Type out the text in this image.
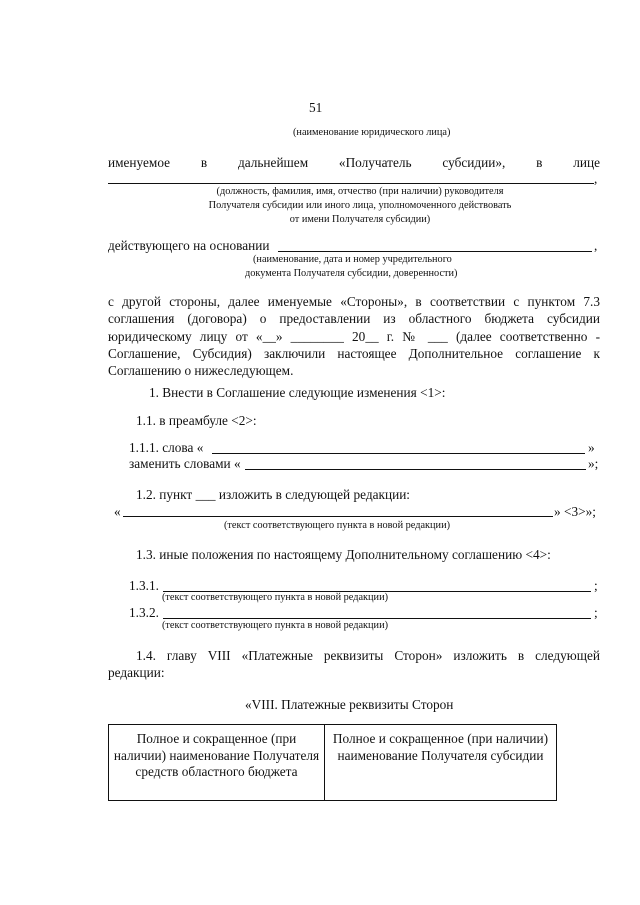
51
(наименование юридического лица)
именуемое в дальнейшем «Получатель субсидии», в лице
,
(должность, фамилия, имя, отчество (при наличии) руководителя
Получателя субсидии или иного лица, уполномоченного действовать
от имени Получателя субсидии)
действующего на основании	,
(наименование, дата и номер учредительного
документа Получателя субсидии, доверенности)
с другой стороны, далее именуемые «Стороны», в соответствии с пунктом 7.3
соглашения (договора) о предоставлении из областного бюджета субсидии
юридическому лицу от «__» ________ 20__ г. № ___ (далее соответственно -
Соглашение, Субсидия) заключили настоящее Дополнительное соглашение к
Соглашению о нижеследующем.
1. Внести в Соглашение следующие изменения <1>:
1.1. в преамбуле <2>:
1.1.1. слова «	»
заменить словами «	»;
1.2. пункт ___ изложить в следующей редакции:
«	» <3>»;
(текст соответствующего пункта в новой редакции)
1.3. иные положения по настоящему Дополнительному соглашению <4>:
1.3.1.	;
(текст соответствующего пункта в новой редакции)
1.3.2.	;
(текст соответствующего пункта в новой редакции)
1.4. главу VIII «Платежные реквизиты Сторон» изложить в следующей
редакции:
«VIII. Платежные реквизиты Сторон
Полное и сокращенное (при наличии) наименование Получателя средств областного бюджета	Полное и сокращенное (при наличии) наименование Получателя субсидии
